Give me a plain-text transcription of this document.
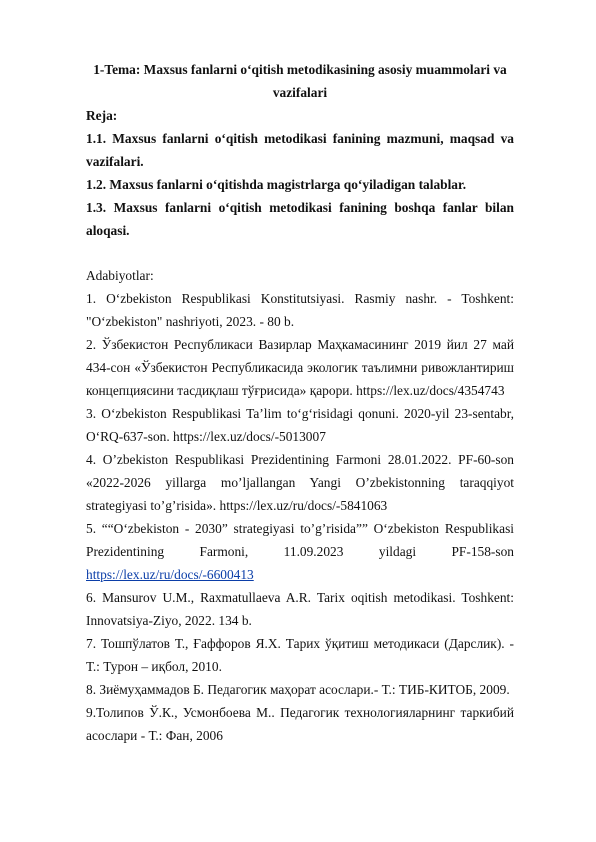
1-Tema: Maxsus fanlarni o‘qitish metodikasining asosiy muammolari va
vazifalari

Reja:

1.1. Maxsus fanlarni o‘qitish metodikasi fanining mazmuni, maqsad va vazifalari.

1.2. Maxsus fanlarni o‘qitishda magistrlarga qo‘yiladigan talablar.

1.3. Maxsus fanlarni o‘qitish metodikasi fanining boshqa fanlar bilan aloqasi.

Adabiyotlar:

1. O‘zbekiston Respublikasi Konstitutsiyasi. Rasmiy nashr. - Toshkent: "O‘zbekiston" nashriyoti, 2023. - 80 b.

2. Ўзбекистон Республикаси Вазирлар Маҳкамасининг 2019 йил 27 май 434-сон «Ўзбекистон Республикасида экологик таълимни ривожлантириш концепциясини тасдиқлаш тўғрисида» қарори. https://lex.uz/docs/4354743

3. O‘zbekiston Respublikasi Ta’lim to‘g‘risidagi qonuni. 2020-yil 23-sentabr, O‘RQ-637-son. https://lex.uz/docs/-5013007

4. O’zbekiston Respublikasi Prezidentining Farmoni 28.01.2022. PF-60-son «2022-2026 yillarga mo’ljallangan Yangi O’zbekistonning taraqqiyot strategiyasi to’g’risida». https://lex.uz/ru/docs/-5841063

5. ““O‘zbekiston - 2030” strategiyasi to’g’risida”” O‘zbekiston Respublikasi Prezidentining Farmoni, 11.09.2023 yildagi PF-158-son https://lex.uz/ru/docs/-6600413

6. Mansurov U.M., Raxmatullaeva A.R. Tarix oqitish metodikasi. Toshkent: Innovatsiya-Ziyo, 2022. 134 b.

7. Тошпўлатов Т., Ғаффоров Я.Х. Тарих ўқитиш методикаси (Дарслик). - Т.: Турон – иқбол, 2010.

8. Зиёмуҳаммадов Б. Педагогик маҳорат асослари.- Т.: ТИБ-КИТОБ, 2009.

9.Толипов Ў.К., Усмонбоева М.. Педагогик технологияларнинг таркибий асослари - Т.: Фан, 2006
